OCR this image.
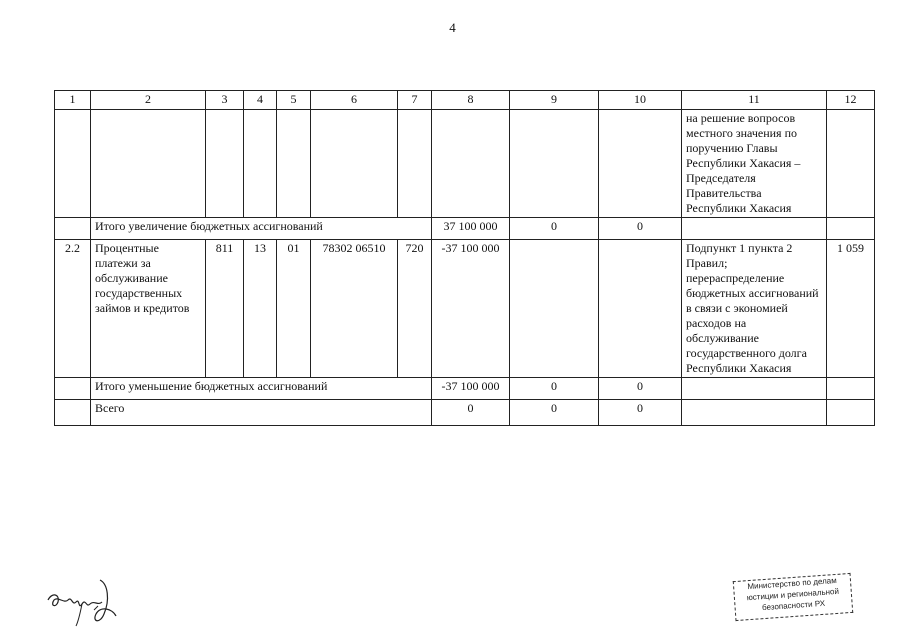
4
1	2	3	4	5	6	7	8	9	10	11	12
										на решение вопросов местного значения по поручению Главы Республики Хакасия – Председателя Правительства Республики Хакасия	
	Итого увеличение бюджетных ассигнований						37 100 000	0	0		
2.2	Процентные платежи за обслуживание государственных займов и кредитов	811	13	01	78302 06510	720	-37 100 000			Подпункт 1 пункта 2 Правил; перераспределение бюджетных ассигнований в связи с экономией расходов на обслуживание государственного долга Республики Хакасия	1 059
	Итого уменьшение бюджетных ассигнований						-37 100 000	0	0		
	Всего						0	0	0		
Министерство по делам
юстиции и региональной
безопасности РХ
